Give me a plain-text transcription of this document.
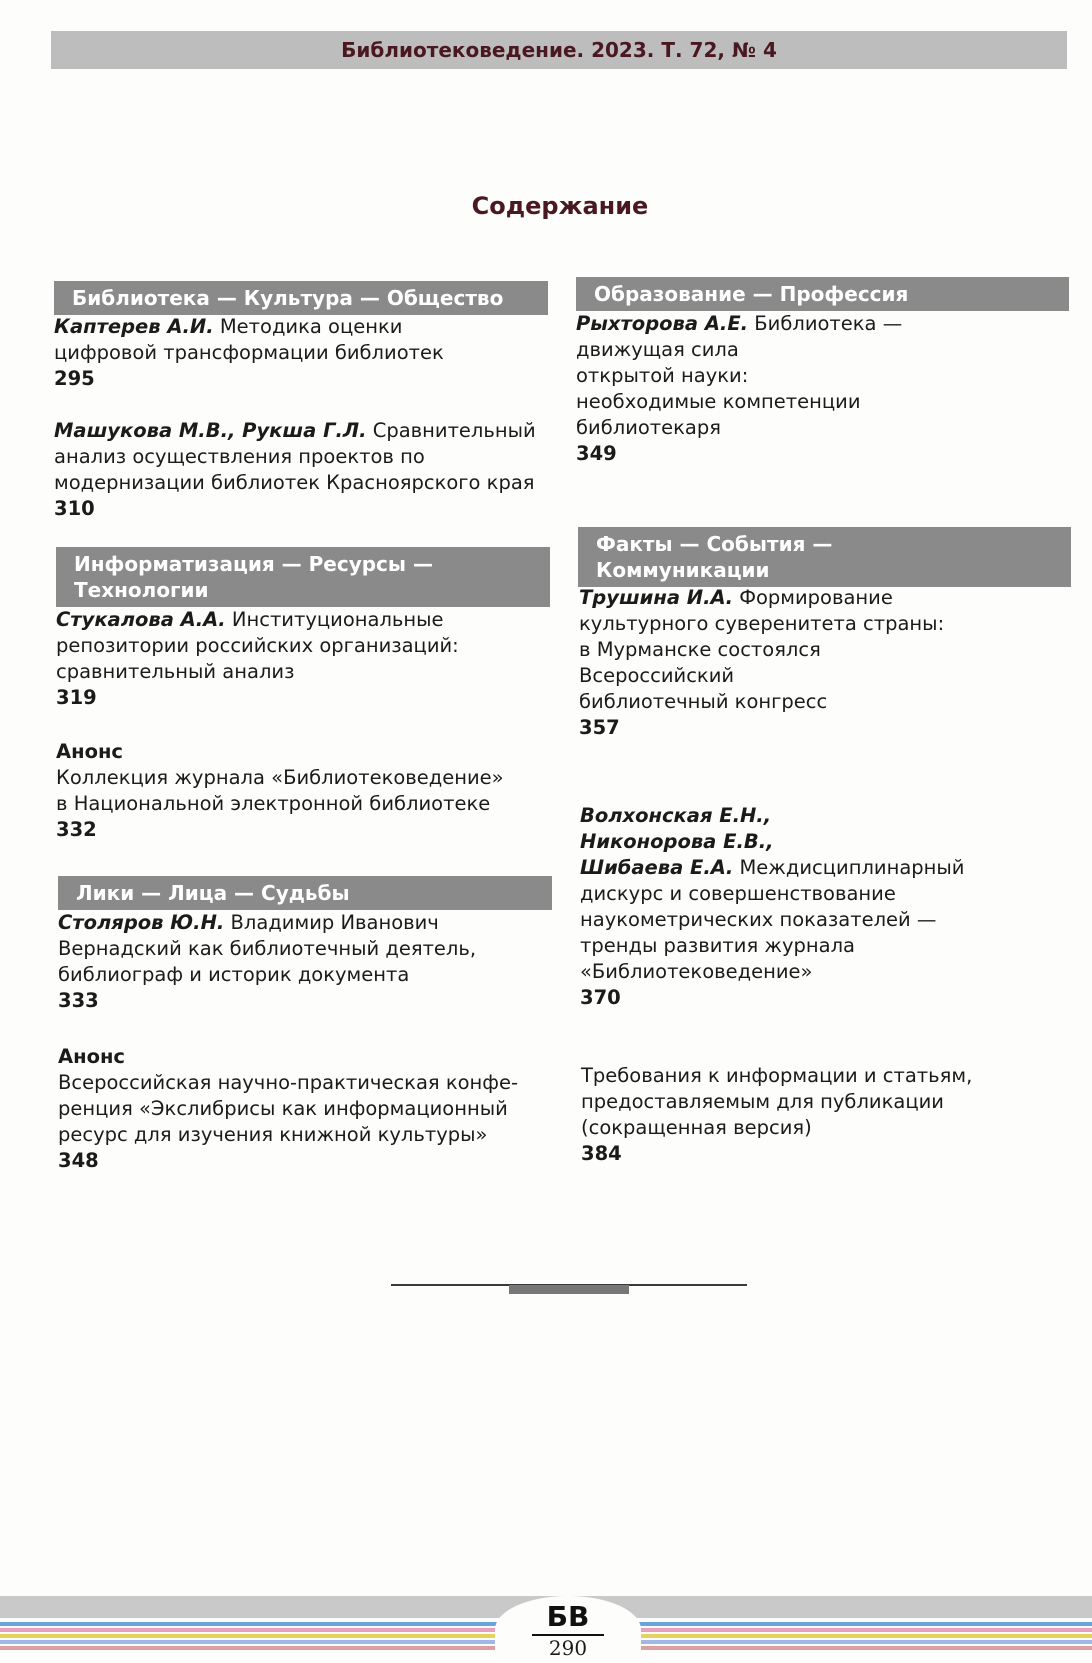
Библиотековедение. 2023. Т. 72, № 4
Содержание
Библиотека — Культура — Общество
Каптерев А.И. Методика оценки
цифровой трансформации библиотек
295
Машукова М.В., Рукша Г.Л. Сравнительный
анализ осуществления проектов по
модернизации библиотек Красноярского края
310
Информатизация — Ресурсы —
Технологии
Стукалова А.А. Институциональные
репозитории российских организаций:
сравнительный анализ
319
Анонс
Коллекция журнала «Библиотековедение»
в Национальной электронной библиотеке
332
Лики — Лица — Судьбы
Столяров Ю.Н. Владимир Иванович
Вернадский как библиотечный деятель,
библиограф и историк документа
333
Анонс
Всероссийская научно-практическая конфе-
ренция «Экслибрисы как информационный
ресурс для изучения книжной культуры»
348
Образование — Профессия
Рыхторова А.Е. Библиотека —
движущая сила
открытой науки:
необходимые компетенции
библиотекаря
349
Факты — События —
Коммуникации
Трушина И.А. Формирование
культурного суверенитета страны:
в Мурманске состоялся
Всероссийский
библиотечный конгресс
357
Волхонская Е.Н.,
Никонорова Е.В.,
Шибаева Е.А. Междисциплинарный
дискурс и совершенствование
наукометрических показателей —
тренды развития журнала
«Библиотековедение»
370
Требования к информации и статьям,
предоставляемым для публикации
(сокращенная версия)
384
БВ
290
